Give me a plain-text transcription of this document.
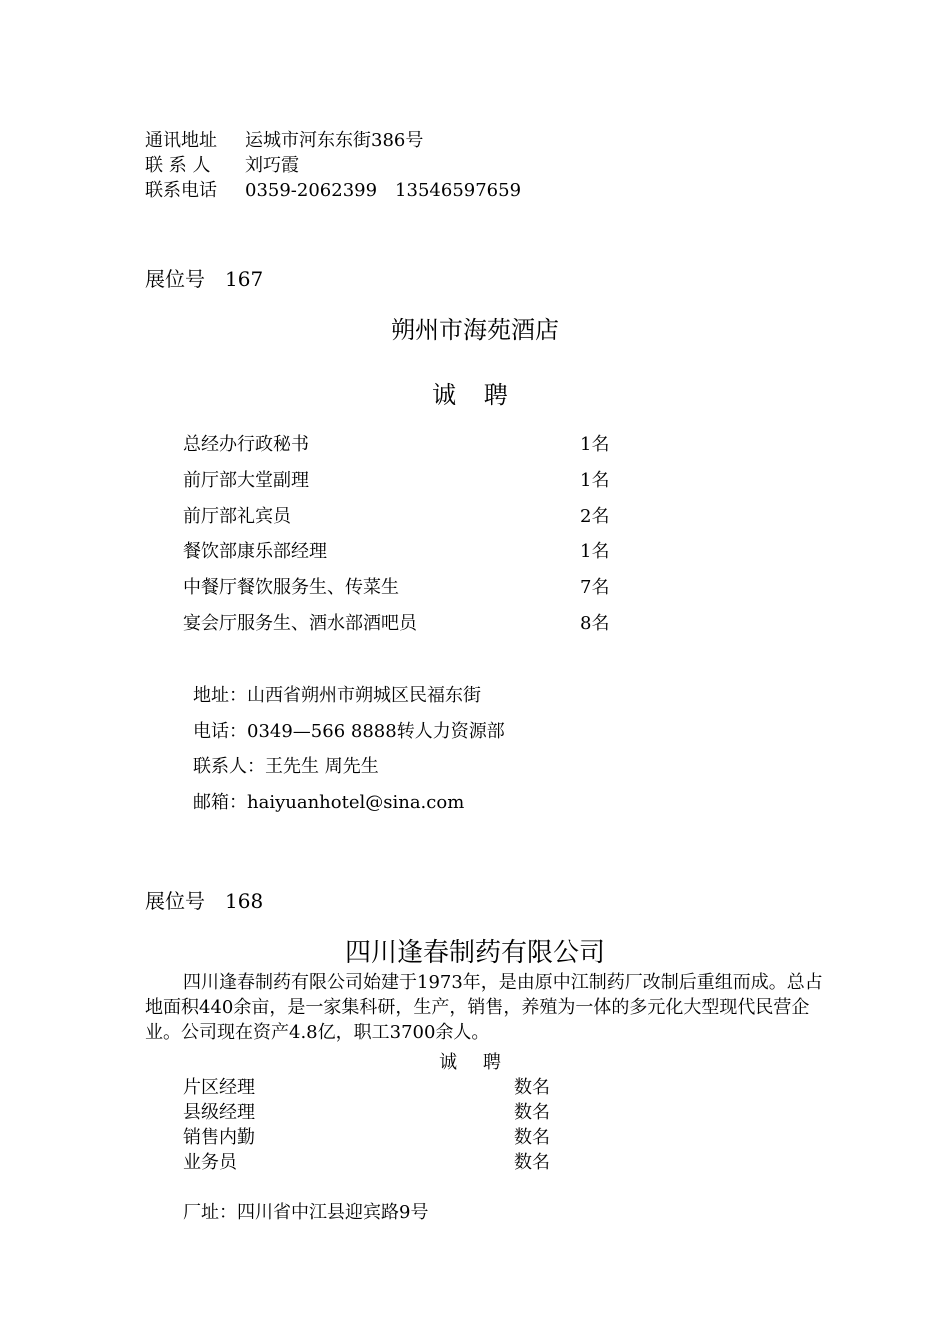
通讯地址 运城市河东东街386号
联 系 人 刘巧霞
联系电话 0359-2062399　13546597659
展位号　167
朔州市海苑酒店
诚 聘
总经办行政秘书	1名
前厅部大堂副理	1名
前厅部礼宾员	2名
餐饮部康乐部经理	1名
中餐厅餐饮服务生、传菜生	7名
宴会厅服务生、酒水部酒吧员	8名
地址：山西省朔州市朔城区民福东街
电话：0349—566 8888转人力资源部
联系人：王先生 周先生
邮箱：haiyuanhotel@sina.com
展位号　168
四川逢春制药有限公司
四川逢春制药有限公司始建于1973年，是由原中江制药厂改制后重组而成。总占地面积440余亩，是一家集科研，生产，销售，养殖为一体的多元化大型现代民营企业。公司现在资产4.8亿，职工3700余人。
诚 聘
片区经理	数名
县级经理	数名
销售内勤	数名
业务员	数名
厂址：四川省中江县迎宾路9号
